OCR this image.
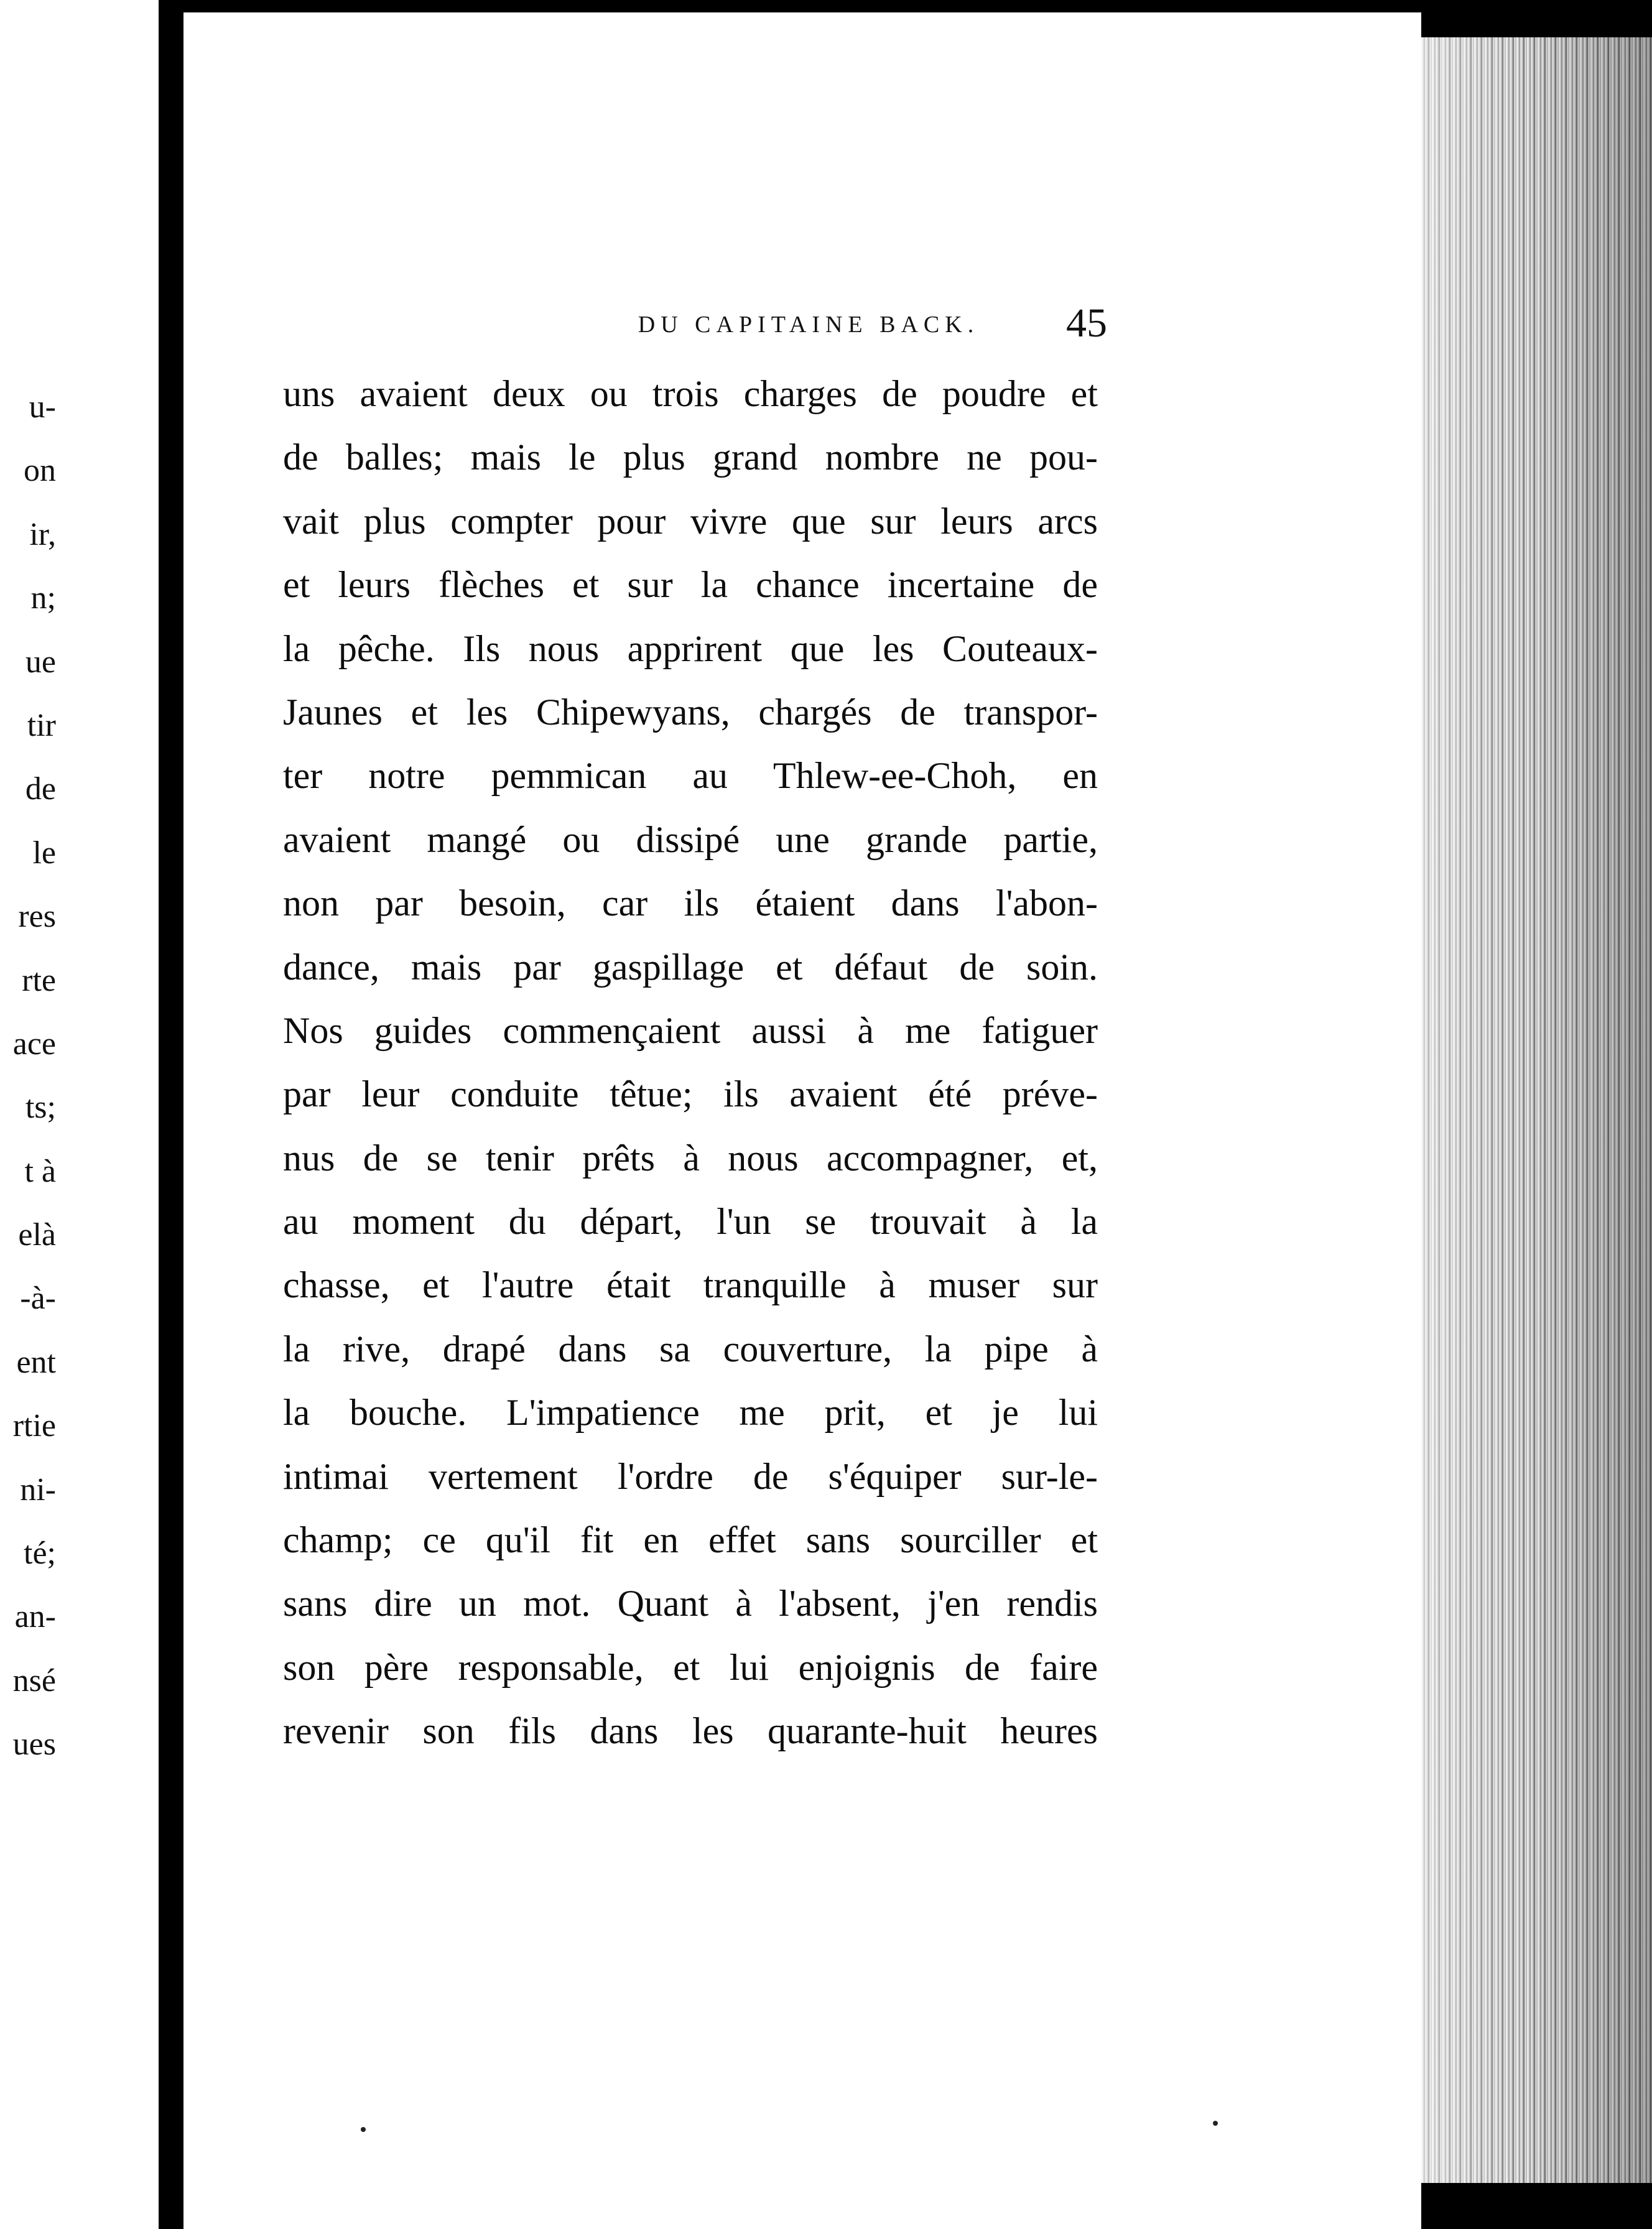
u-
on
ir,
n;
ue
tir
de
le
res
rte
ace
ts;
t à
elà
-à-
ent
rtie
ni-
té;
an-
nsé
ues
DU CAPITAINE BACK.	45
uns avaient deux ou trois charges de poudre et
de balles; mais le plus grand nombre ne pou-
vait plus compter pour vivre que sur leurs arcs
et leurs flèches et sur la chance incertaine de
la pêche. Ils nous apprirent que les Couteaux-
Jaunes et les Chipewyans, chargés de transpor-
ter notre pemmican au Thlew-ee-Choh, en
avaient mangé ou dissipé une grande partie,
non par besoin, car ils étaient dans l'abon-
dance, mais par gaspillage et défaut de soin.
Nos guides commençaient aussi à me fatiguer
par leur conduite têtue; ils avaient été préve-
nus de se tenir prêts à nous accompagner, et,
au moment du départ, l'un se trouvait à la
chasse, et l'autre était tranquille à muser sur
la rive, drapé dans sa couverture, la pipe à
la bouche. L'impatience me prit, et je lui
intimai vertement l'ordre de s'équiper sur-le-
champ; ce qu'il fit en effet sans sourciller et
sans dire un mot. Quant à l'absent, j'en rendis
son père responsable, et lui enjoignis de faire
revenir son fils dans les quarante-huit heures
